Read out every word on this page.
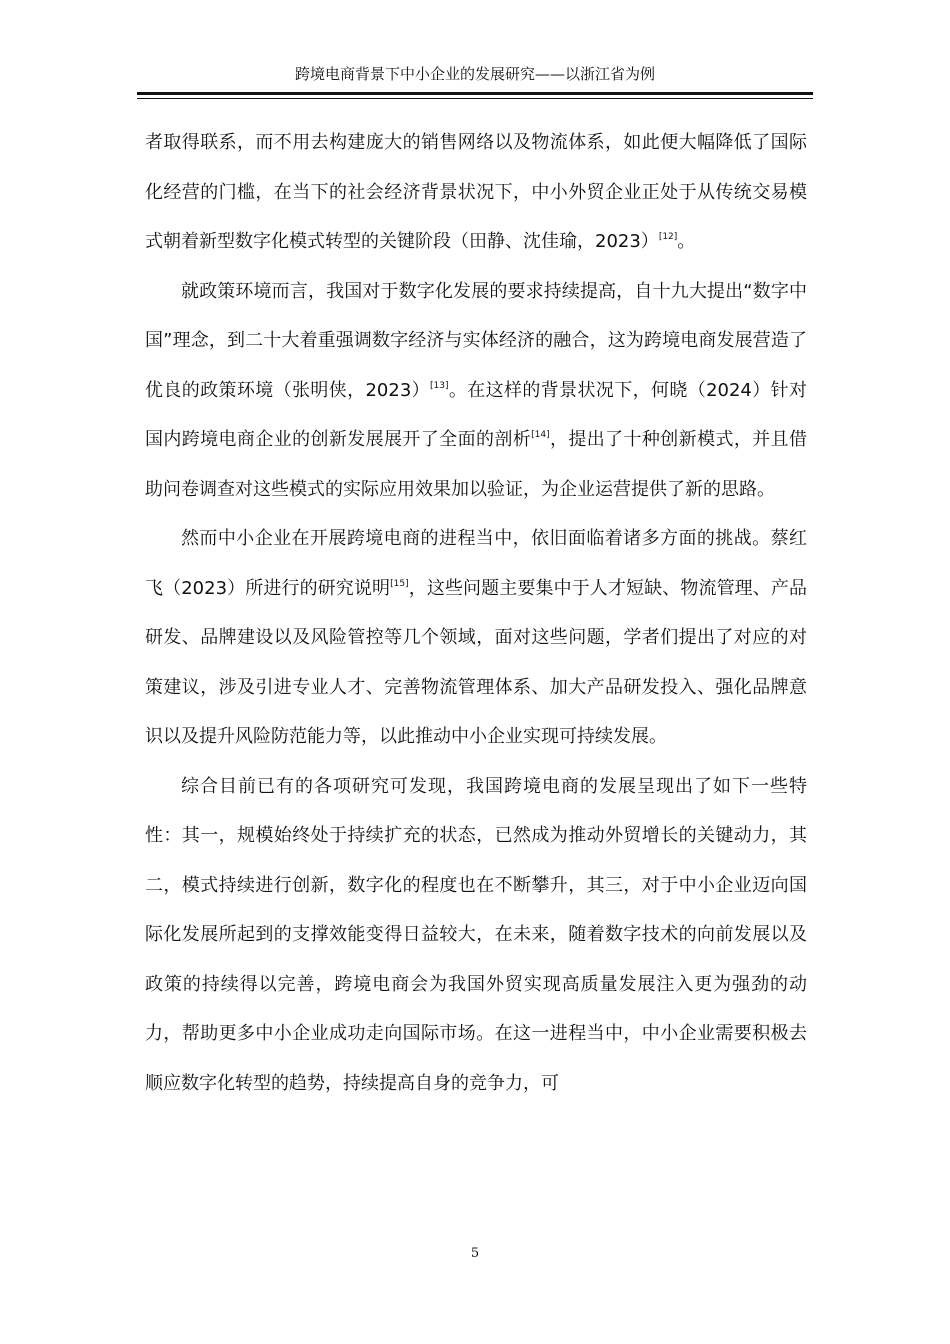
跨境电商背景下中小企业的发展研究——以浙江省为例

者取得联系，而不用去构建庞大的销售网络以及物流体系，如此便大幅降低了国际化经营的门槛，在当下的社会经济背景状况下，中小外贸企业正处于从传统交易模式朝着新型数字化模式转型的关键阶段（田静、沈佳瑜，2023）[12]。

就政策环境而言，我国对于数字化发展的要求持续提高，自十九大提出“数字中国”理念，到二十大着重强调数字经济与实体经济的融合，这为跨境电商发展营造了优良的政策环境（张明侠，2023）[13]。在这样的背景状况下，何晓（2024）针对国内跨境电商企业的创新发展展开了全面的剖析[14]，提出了十种创新模式，并且借助问卷调查对这些模式的实际应用效果加以验证，为企业运营提供了新的思路。

然而中小企业在开展跨境电商的进程当中，依旧面临着诸多方面的挑战。蔡红飞（2023）所进行的研究说明[15]，这些问题主要集中于人才短缺、物流管理、产品研发、品牌建设以及风险管控等几个领域，面对这些问题，学者们提出了对应的对策建议，涉及引进专业人才、完善物流管理体系、加大产品研发投入、强化品牌意识以及提升风险防范能力等，以此推动中小企业实现可持续发展。

综合目前已有的各项研究可发现，我国跨境电商的发展呈现出了如下一些特性：其一，规模始终处于持续扩充的状态，已然成为推动外贸增长的关键动力，其二，模式持续进行创新，数字化的程度也在不断攀升，其三，对于中小企业迈向国际化发展所起到的支撑效能变得日益较大，在未来，随着数字技术的向前发展以及政策的持续得以完善，跨境电商会为我国外贸实现高质量发展注入更为强劲的动力，帮助更多中小企业成功走向国际市场。在这一进程当中，中小企业需要积极去顺应数字化转型的趋势，持续提高自身的竞争力，可

5
